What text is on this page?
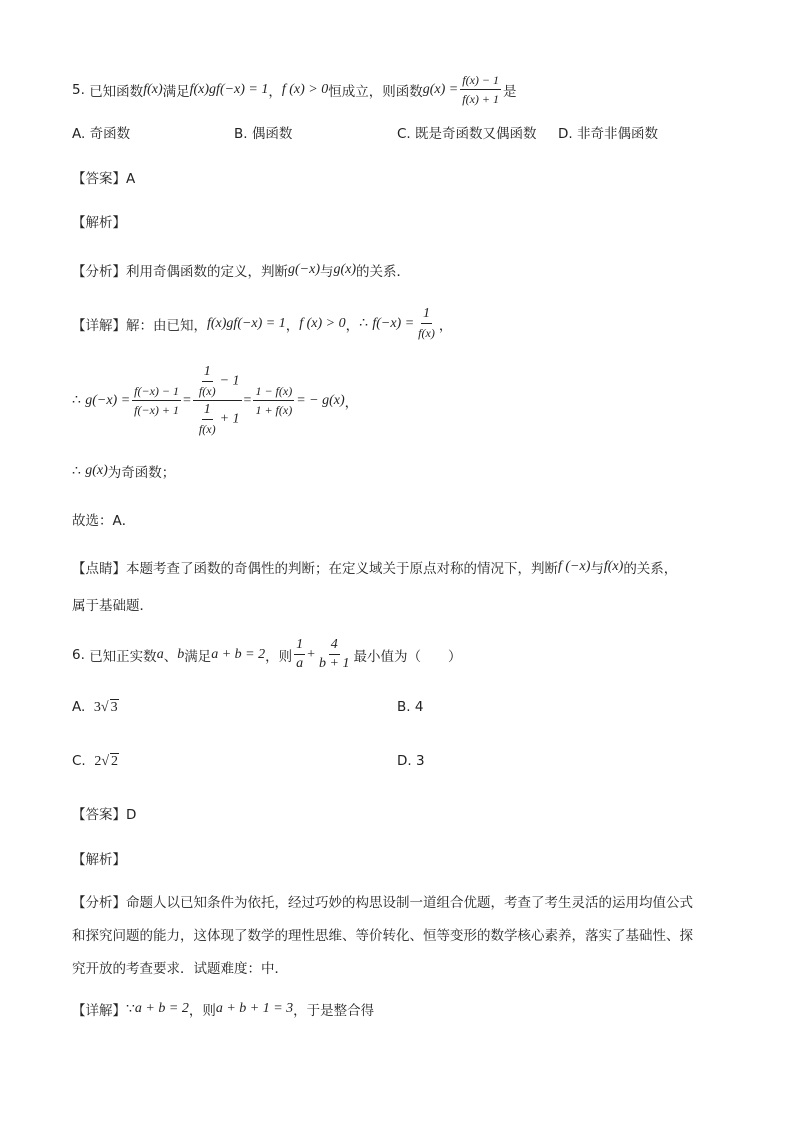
5.
已知函数 f(x) 满足 f(x)gf(−x) = 1 ， f (x) > 0 恒成立，则函数 $g(x) = \frac{f(x) - 1}{f(x) + 1}$ 是
A. 奇函数	B. 偶函数	C. 既是奇函数又偶函数 D. 非奇非偶函数
【答案】A
【解析】
【分析】 利用奇偶函数的定义，判断 g(−x) 与 g(x) 的关系．
【详解】 解：由已知， f(x)gf(−x) = 1 ， f (x) > 0 ， ∴
$f(-x) = \frac{1}{f(x)}$ ，
∴
$g(-x) = \frac{f(-x) - 1}{f(-x) + 1} = \frac{\frac{1}{f(x)} - 1}{\frac{1}{f(x)} + 1} = \frac{1 - f(x)}{1 + f(x)}$ = − g(x) ，
∴
g(x) 为奇函数；
故选：A．
【点睛】 本题考查了函数的奇偶性的判断；在定义域关于原点对称的情况下，判断 f (−x) 与 f(x) 的关系，
属于基础题．
6.
已知正实数 a 、 b 满足 a + b = 2 ，则 $\frac{1}{a} + \frac{4}{b + 1}$ 最小值为（　　）
A. 3√ 3	B. 4
C. 2√ 2	D. 3
【答案】D
【解析】
【分析】 命题人以已知条件为依托，经过巧妙的构思设制一道组合优题，考查了考生灵活的运用均值公式
和探究问题的能力，这体现了数学的理性思维、等价转化、恒等变形的数学核心素养，落实了基础性、探
究开放的考查要求．试题难度：中．
【详解】 ∵ a + b = 2 ，则 a + b + 1 = 3 ，于是整合得
